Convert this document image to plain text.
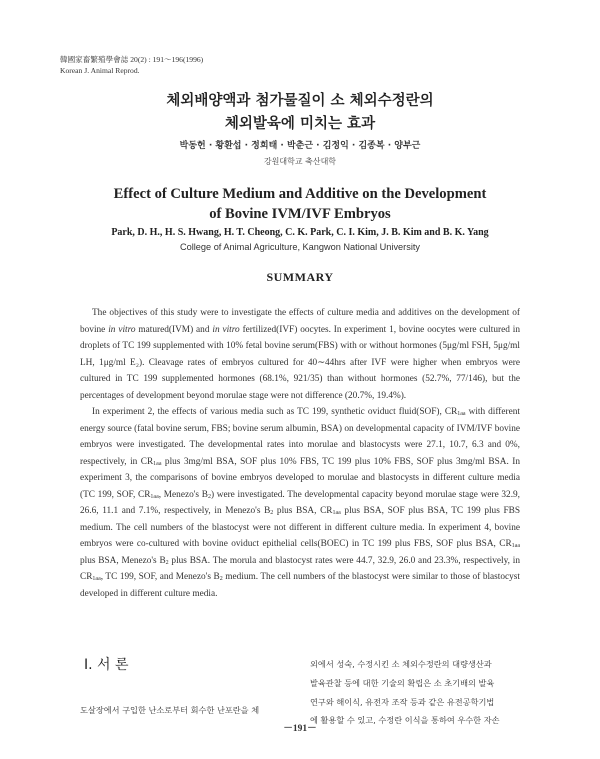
韓國家畜繁殖學會誌 20(2) : 191～196(1996)
Korean J. Animal Reprod.
체외배양액과 첨가물질이 소 체외수정란의
체외발육에 미치는 효과
박동헌 · 황환섭 · 정희태 · 박춘근 · 김정익 · 김종복 · 양부근
강원대학교 축산대학
Effect of Culture Medium and Additive on the Development
of Bovine IVM/IVF Embryos
Park, D. H., H. S. Hwang, H. T. Cheong, C. K. Park, C. I. Kim, J. B. Kim and B. K. Yang
College of Animal Agriculture, Kangwon National University
SUMMARY

The objectives of this study were to investigate the effects of culture media and additives on the development of bovine in vitro matured(IVM) and in vitro fertilized(IVF) oocytes. In experiment 1, bovine oocytes were cultured in droplets of TC 199 supplemented with 10% fetal bovine serum(FBS) with or without hormones (5μg/ml FSH, 5μg/ml LH, 1μg/ml E₂). Cleavage rates of embryos cultured for 40∼44hrs after IVF were higher when embryos were cultured in TC 199 supplemented hormones (68.1%, 921/35) than without hormones (52.7%, 77/146), but the percentages of development beyond morulae stage were not difference (20.7%, 19.4%).

In experiment 2, the effects of various media such as TC 199, synthetic oviduct fluid(SOF), $CR_{1aa}$ with different energy source (fatal bovine serum, FBS; bovine serum albumin, BSA) on developmental capacity of IVM/IVF bovine embryos were investigated. The developmental rates into morulae and blastocysts were 27.1, 10.7, 6.3 and 0%, respectively, in $CR_{1aa}$ plus 3mg/ml BSA, SOF plus 10% FBS, TC 199 plus 10% FBS, SOF plus 3mg/ml BSA. In experiment 3, the comparisons of bovine embryos developed to morulae and blastocysts in different culture media (TC 199, SOF, $CR_{1aa}$, Menezo's $B_2$) were investigated. The developmental capacity beyond morulae stage were 32.9, 26.6, 11.1 and 7.1%, respectively, in Menezo's $B_2$ plus BSA, $CR_{1aa}$ plus BSA, SOF plus BSA, TC 199 plus FBS medium. The cell numbers of the blastocyst were not different in different culture media. In experiment 4, bovine embryos were co-cultured with bovine oviduct epithelial cells(BOEC) in TC 199 plus FBS, SOF plus BSA, $CR_{1aa}$ plus BSA, Menezo's $B_2$ plus BSA. The morula and blastocyst rates were 44.7, 32.9, 26.0 and 23.3%, respectively, in $CR_{1aa}$, TC 199, SOF, and Menezo's $B_2$ medium. The cell numbers of the blastocyst were similar to those of blastocyst developed in different culture media.

Ⅰ. 서 론
도살장에서 구입한 난소로부터 회수한 난포란을 체
외에서 성숙, 수정시킨 소 체외수정란의 대량생산과
발육관찰 등에 대한 기술의 확립은 소 초기배의 발육
연구와 해이식, 유전자 조작 등과 같은 유전공학기법
에 활용할 수 있고, 수정란 이식을 통하여 우수한 자손
－191－
